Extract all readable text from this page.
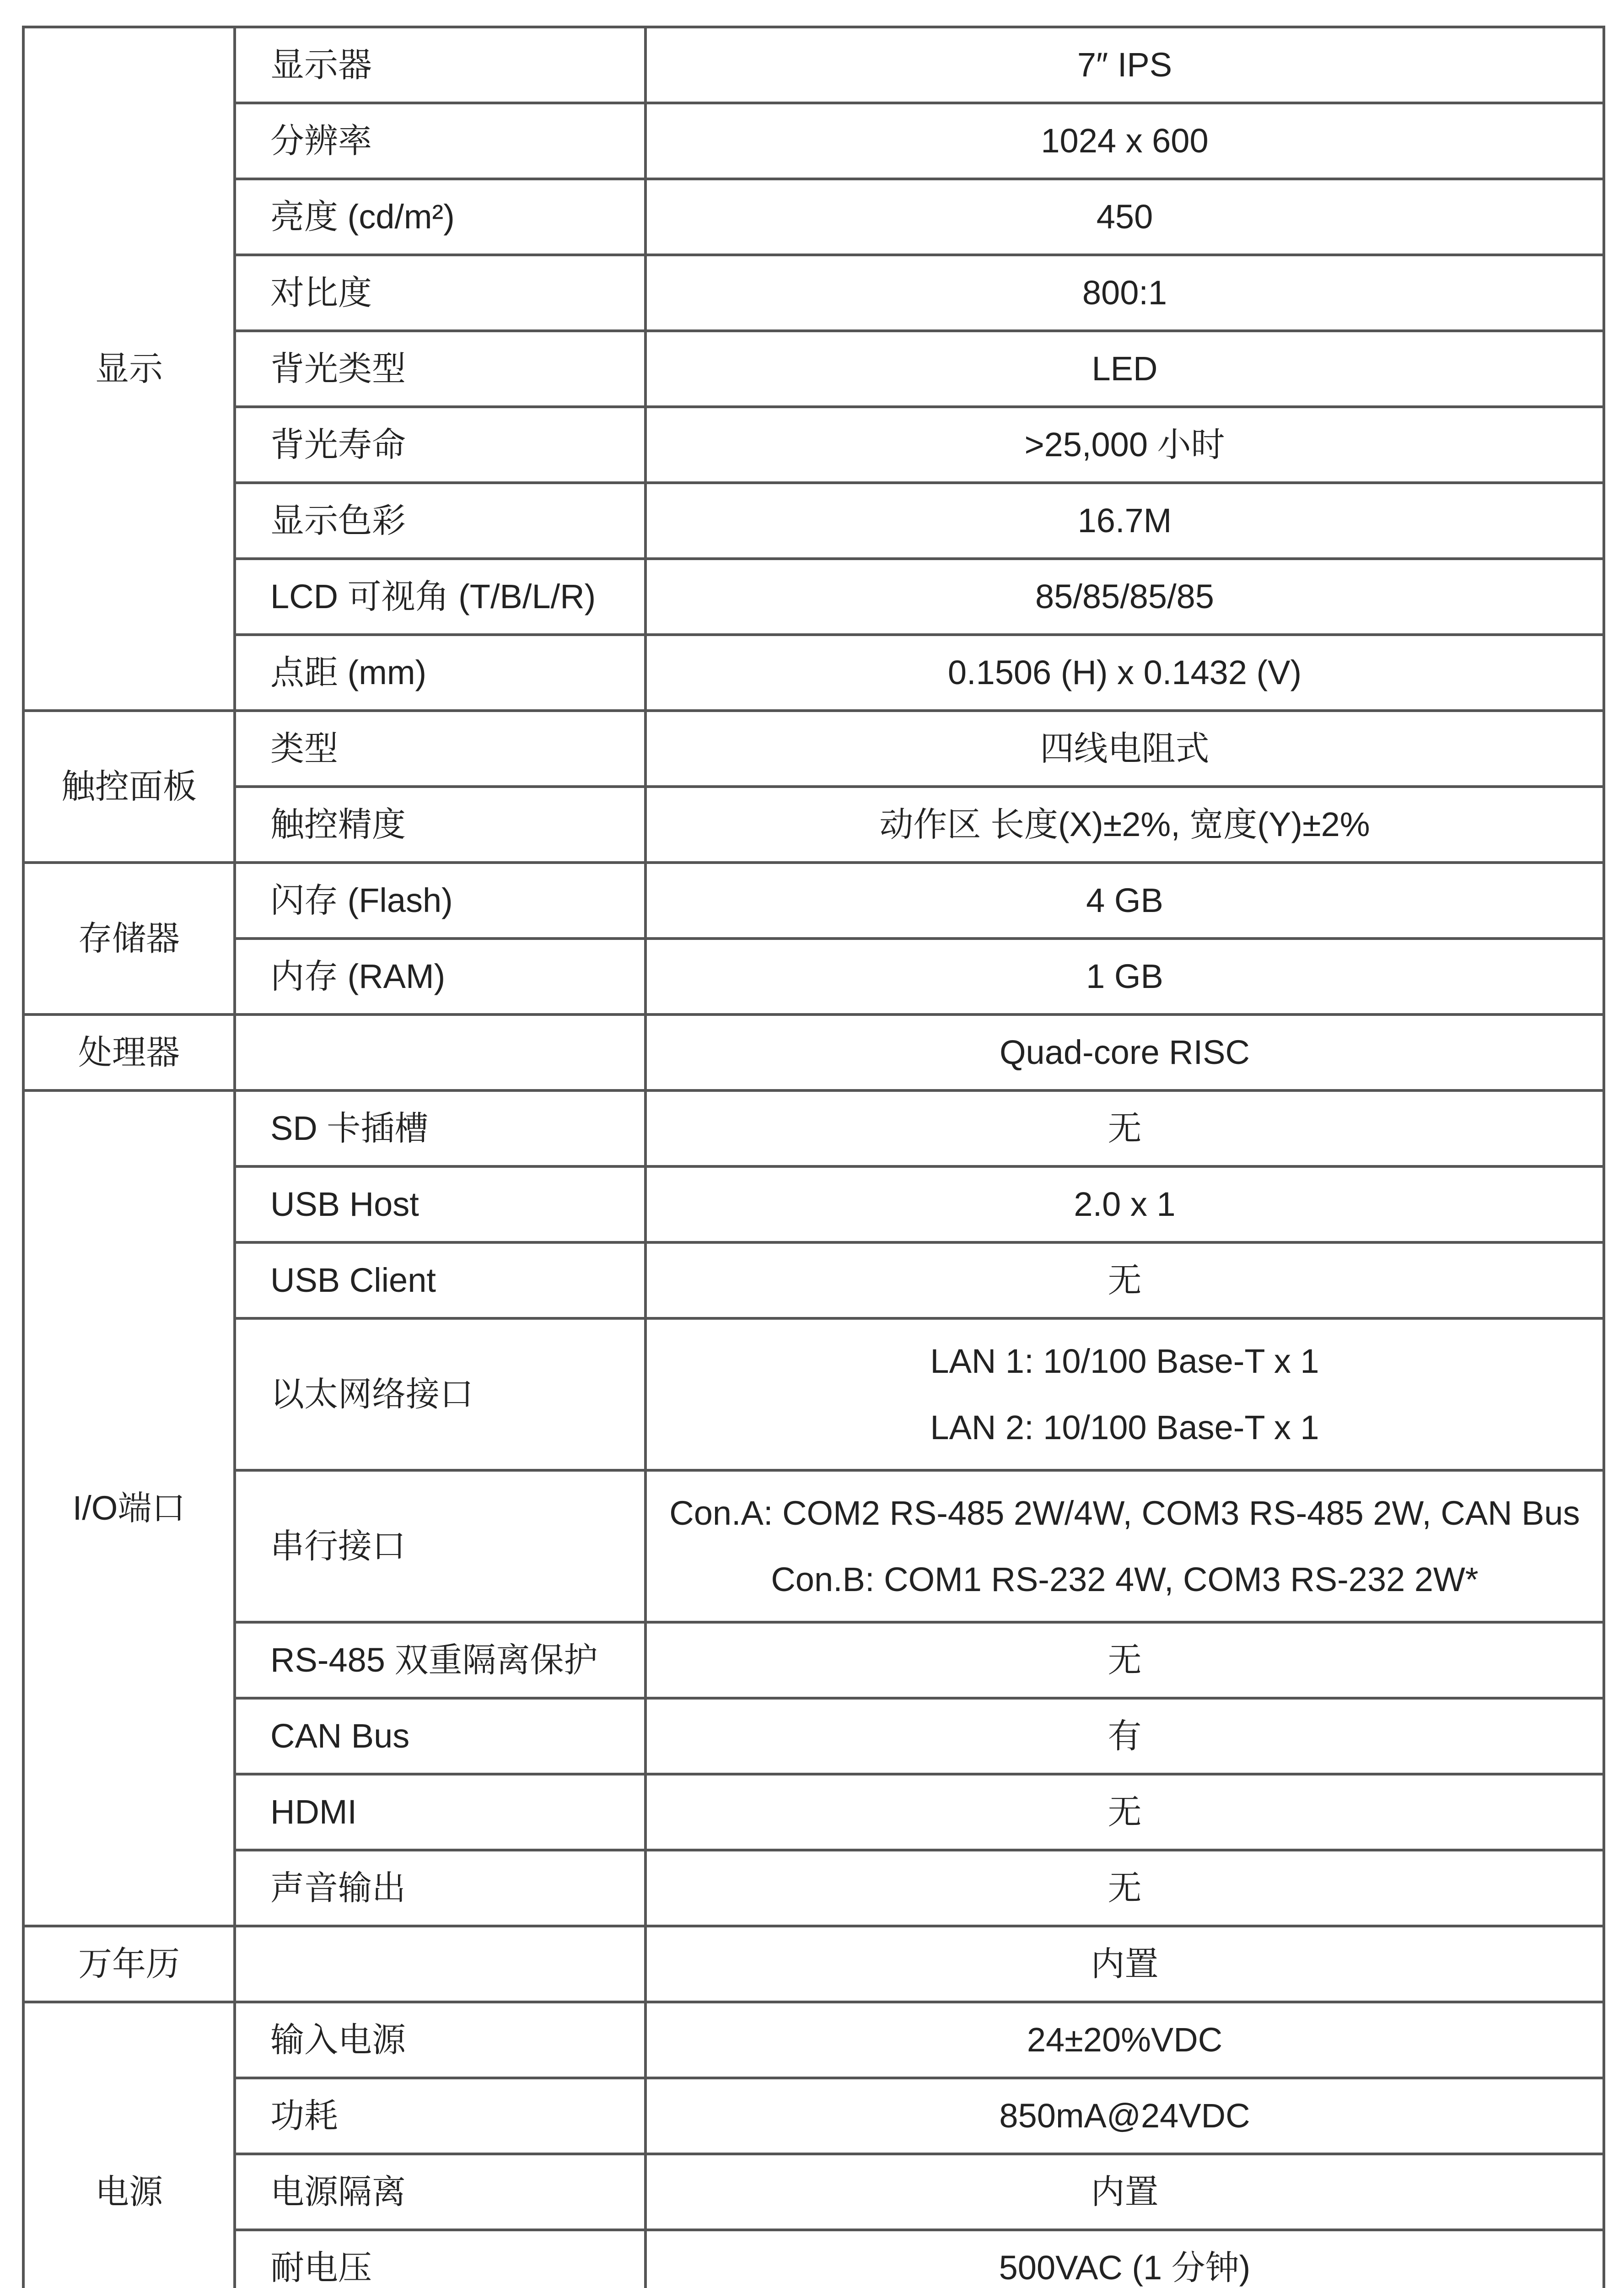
显示	显示器	7″ IPS
	分辨率	1024 x 600
	亮度 (cd/m²)	450
	对比度	800:1
	背光类型	LED
	背光寿命	>25,000 小时
	显示色彩	16.7M
	LCD 可视角 (T/B/L/R)	85/85/85/85
	点距 (mm)	0.1506 (H) x 0.1432 (V)
触控面板	类型	四线电阻式
	触控精度	动作区 长度(X)±2%, 宽度(Y)±2%
存储器	闪存 (Flash)	4 GB
	内存 (RAM)	1 GB
处理器		Quad-core RISC
I/O端口	SD 卡插槽	无
	USB Host	2.0 x 1
	USB Client	无
	以太网络接口	LAN 1: 10/100 Base-T x 1
LAN 2: 10/100 Base-T x 1

	串行接口	Con.A: COM2 RS-485 2W/4W, COM3 RS-485 2W, CAN Bus
Con.B: COM1 RS-232 4W, COM3 RS-232 2W*

	RS-485 双重隔离保护	无
	CAN Bus	有
	HDMI	无
	声音输出	无
万年历		内置
电源	输入电源	24±20%VDC
	功耗	850mA@24VDC
	电源隔离	内置
	耐电压	500VAC (1 分钟)
